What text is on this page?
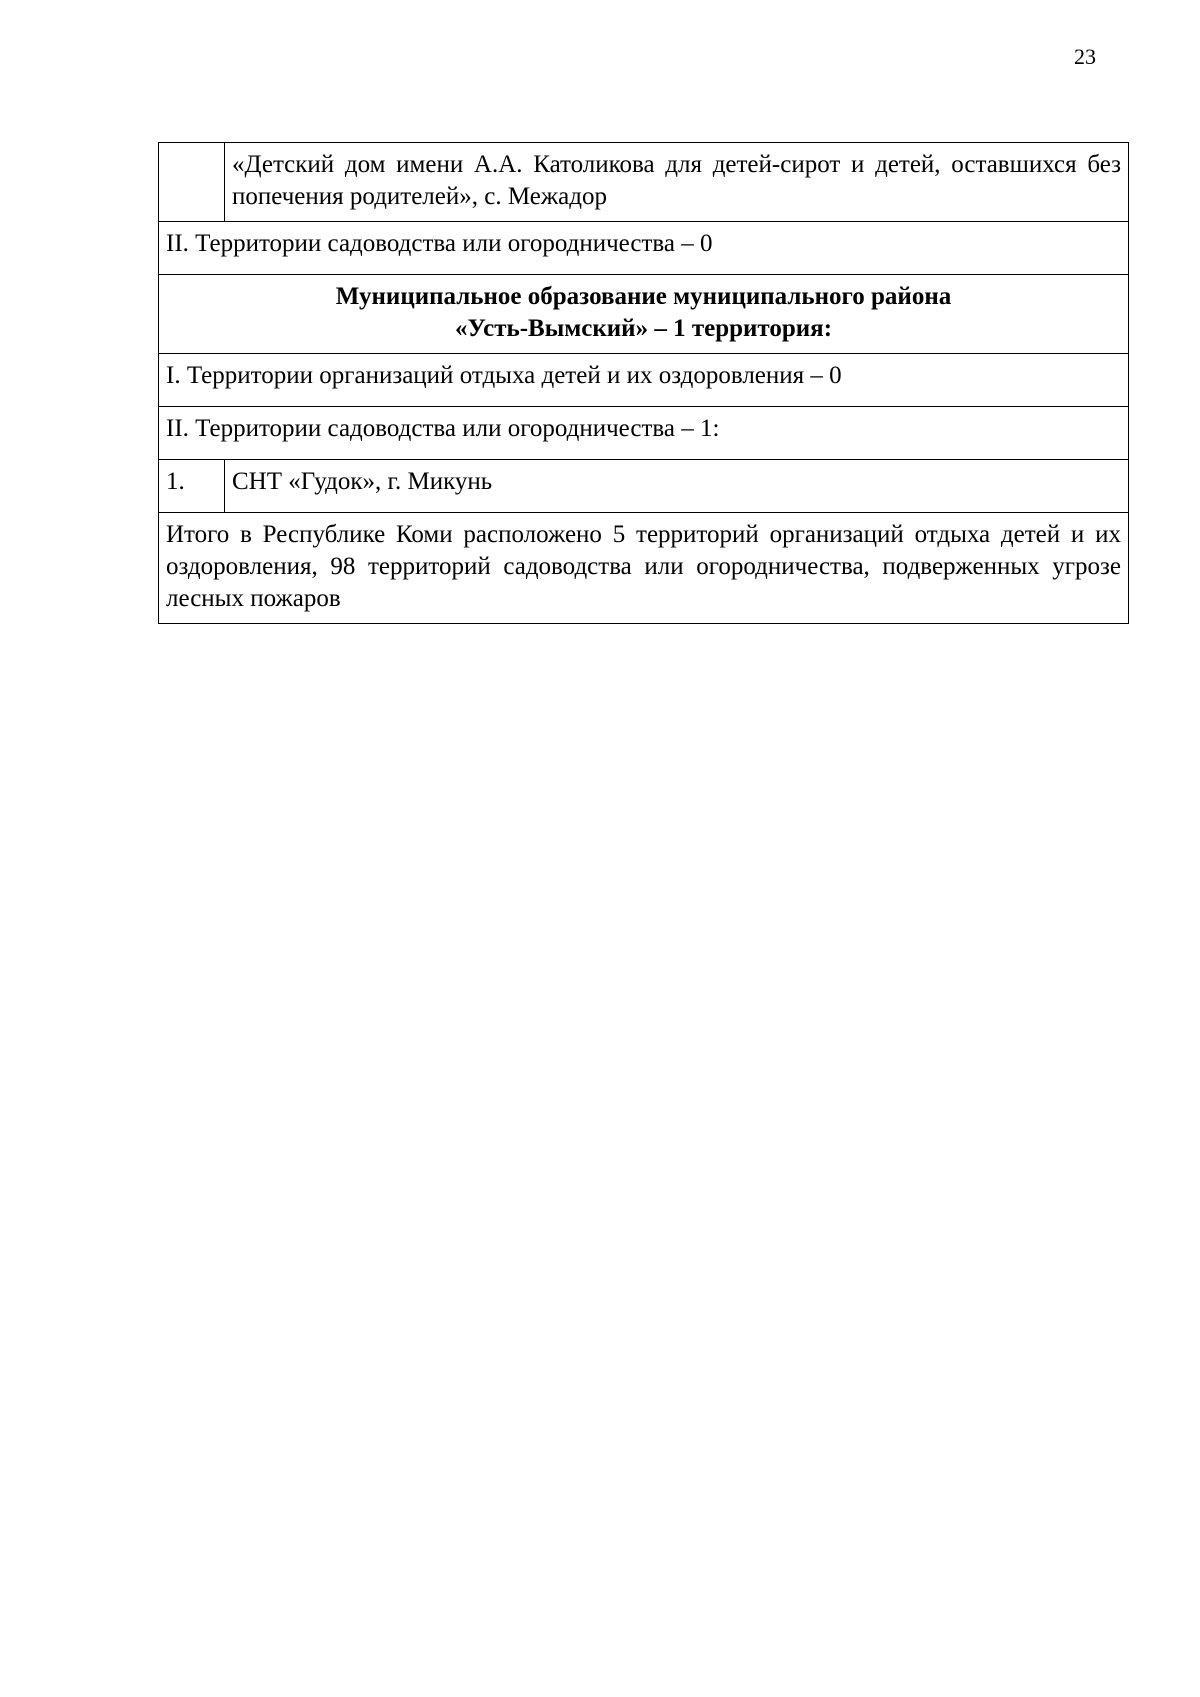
23
	«Детский дом имени А.А. Католикова для детей-сирот и детей, оставшихся без попечения родителей», с. Межадор
II. Территории садоводства или огородничества – 0	

Муниципальное образование муниципального района
«Усть-Вымский» – 1 территория:	

I. Территории организаций отдыха детей и их оздоровления – 0	
II. Территории садоводства или огородничества – 1:	
1.	СНТ «Гудок», г. Микунь
Итого в Республике Коми расположено 5 территорий организаций отдыха детей и их оздоровления, 98 территорий садоводства или огородничества, подверженных угрозе лесных пожаров	
